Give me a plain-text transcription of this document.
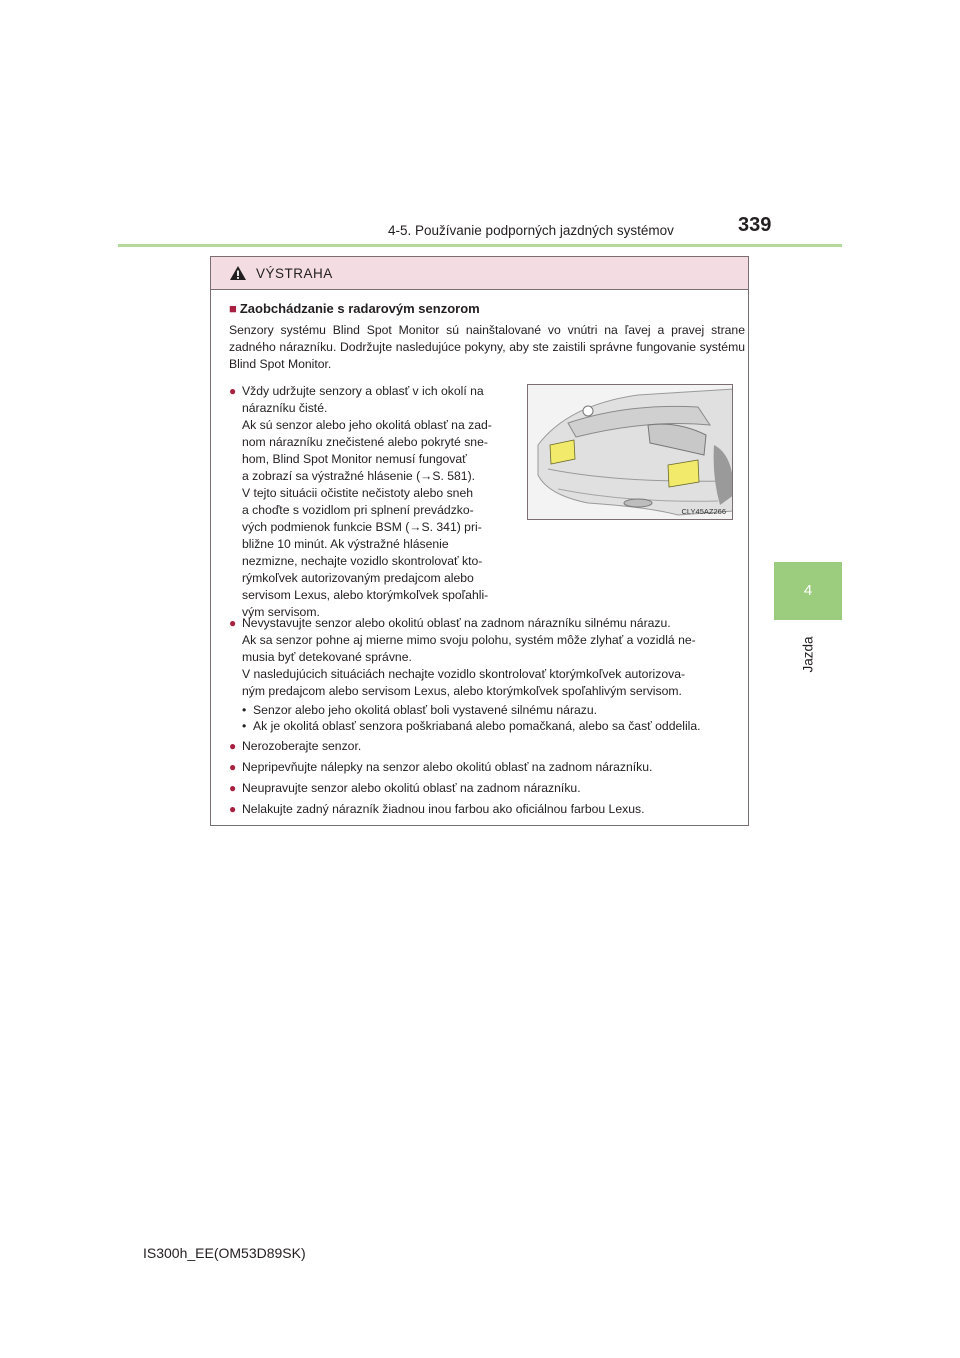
4-5. Používanie podporných jazdných systémov	339
4
Jazda
VÝSTRAHA
■ Zaobchádzanie s radarovým senzorom
Senzory systému Blind Spot Monitor sú nainštalované vo vnútri na ľavej a pravej strane zadného nárazníku. Dodržujte nasledujúce pokyny, aby ste zaistili správne fungovanie systému Blind Spot Monitor.
● Vždy udržujte senzory a oblasť v ich okolí na
nárazníku čisté.
Ak sú senzor alebo jeho okolitá oblasť na zad-
nom nárazníku znečistené alebo pokryté sne-
hom, Blind Spot Monitor nemusí fungovať
a zobrazí sa výstražné hlásenie (→S. 581).
V tejto situácii očistite nečistoty alebo sneh
a choďte s vozidlom pri splnení prevádzko-
vých podmienok funkcie BSM (→S. 341) pri-
bližne 10 minút. Ak výstražné hlásenie
nezmizne, nechajte vozidlo skontrolovať kto-
rýmkoľvek autorizovaným predajcom alebo
servisom Lexus, alebo ktorýmkoľvek spoľahli-
vým servisom.
CLY45AZ266
● Nevystavujte senzor alebo okolitú oblasť na zadnom nárazníku silnému nárazu.
Ak sa senzor pohne aj mierne mimo svoju polohu, systém môže zlyhať a vozidlá ne-
musia byť detekované správne.
V nasledujúcich situáciách nechajte vozidlo skontrolovať ktorýmkoľvek autorizova-
ným predajcom alebo servisom Lexus, alebo ktorýmkoľvek spoľahlivým servisom.
•  Senzor alebo jeho okolitá oblasť boli vystavené silnému nárazu.
•  Ak je okolitá oblasť senzora poškriabaná alebo pomačkaná, alebo sa časť oddelila.
● Nerozoberajte senzor.
● Nepripevňujte nálepky na senzor alebo okolitú oblasť na zadnom nárazníku.
● Neupravujte senzor alebo okolitú oblasť na zadnom nárazníku.
● Nelakujte zadný nárazník žiadnou inou farbou ako oficiálnou farbou Lexus.
IS300h_EE(OM53D89SK)
